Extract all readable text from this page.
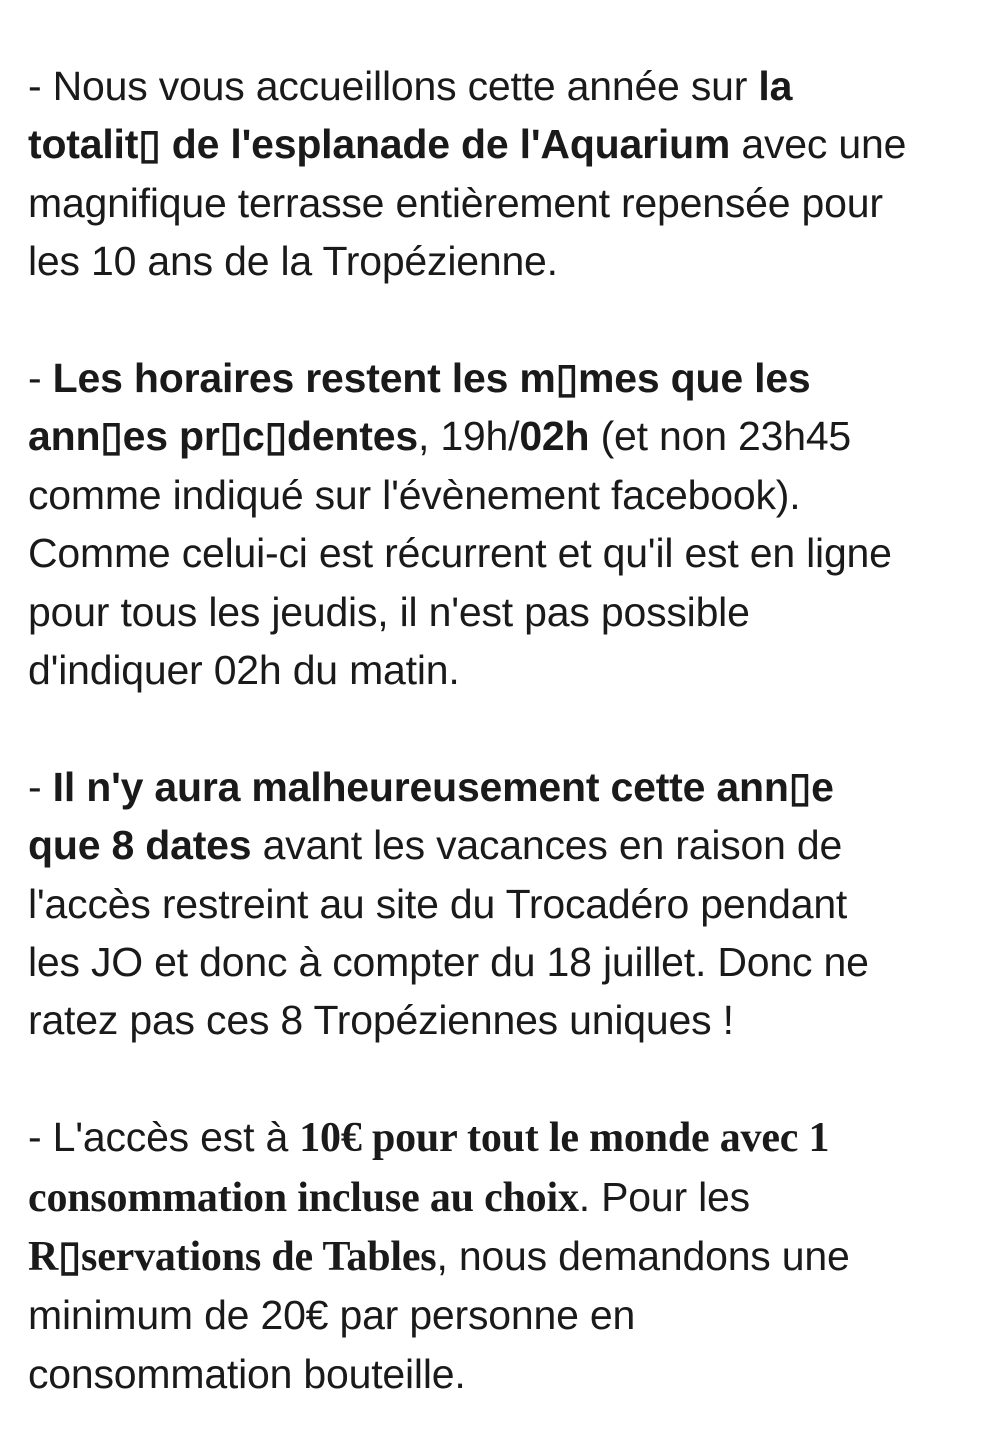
- Nous vous accueillons cette année sur la
totalit▯ de l'esplanade de l'Aquarium avec une
magnifique terrasse entièrement repensée pour
les 10 ans de la Tropézienne.
- Les horaires restent les m▯mes que les
ann▯es pr▯c▯dentes, 19h/02h (et non 23h45
comme indiqué sur l'évènement facebook).
Comme celui-ci est récurrent et qu'il est en ligne
pour tous les jeudis, il n'est pas possible
d'indiquer 02h du matin.
- Il n'y aura malheureusement cette ann▯e
que 8 dates avant les vacances en raison de
l'accès restreint au site du Trocadéro pendant
les JO et donc à compter du 18 juillet. Donc ne
ratez pas ces 8 Tropéziennes uniques !
- L'accès est à 10€ pour tout le monde avec 1
consommation incluse au choix. Pour les
R▯servations de Tables, nous demandons une
minimum de 20€ par personne en
consommation bouteille.
